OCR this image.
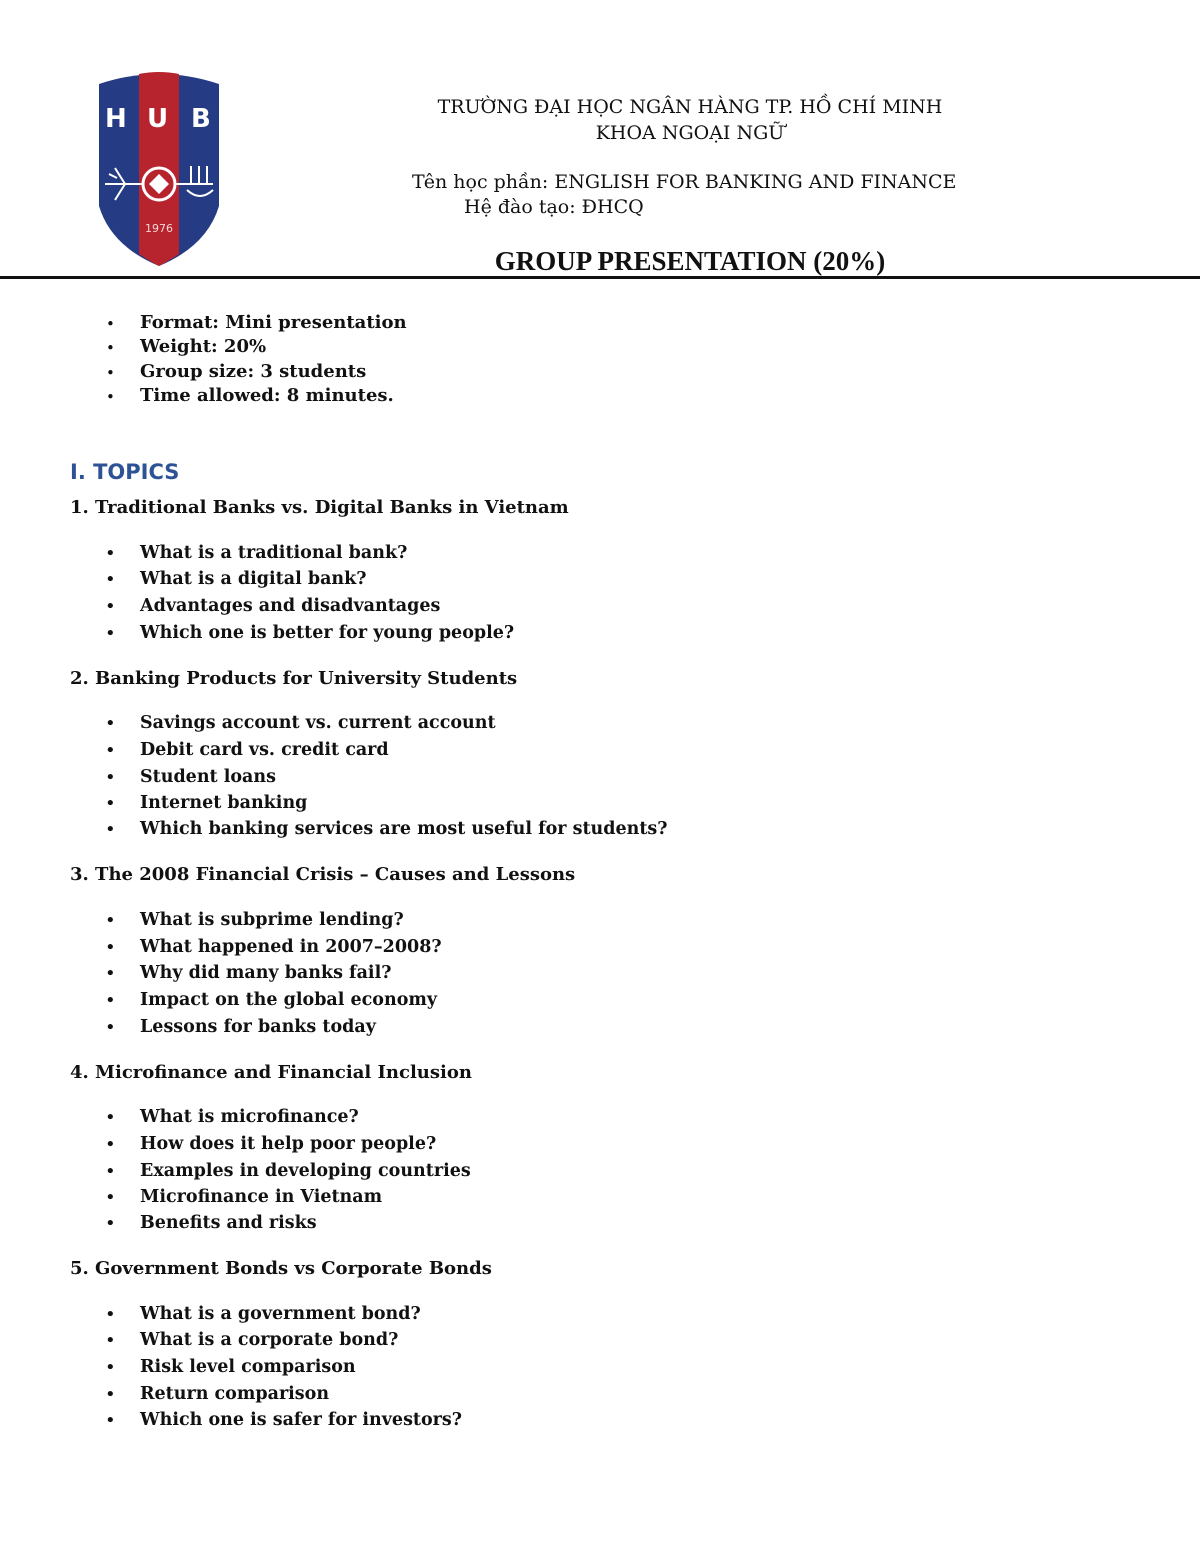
H U B
1976
TRƯỜNG ĐẠI HỌC NGÂN HÀNG TP. HỒ CHÍ MINH
KHOA NGOẠI NGỮ
Tên học phần: ENGLISH FOR BANKING AND FINANCE
Hệ đào tạo: ĐHCQ
GROUP PRESENTATION (20%)
• Format: Mini presentation
• Weight: 20%
• Group size: 3 students
• Time allowed: 8 minutes.
I. TOPICS
1. Traditional Banks vs. Digital Banks in Vietnam
• What is a traditional bank?
• What is a digital bank?
• Advantages and disadvantages
• Which one is better for young people?
2. Banking Products for University Students
• Savings account vs. current account
• Debit card vs. credit card
• Student loans
• Internet banking
• Which banking services are most useful for students?
3. The 2008 Financial Crisis – Causes and Lessons
• What is subprime lending?
• What happened in 2007–2008?
• Why did many banks fail?
• Impact on the global economy
• Lessons for banks today
4. Microfinance and Financial Inclusion
• What is microfinance?
• How does it help poor people?
• Examples in developing countries
• Microfinance in Vietnam
• Benefits and risks
5. Government Bonds vs Corporate Bonds
• What is a government bond?
• What is a corporate bond?
• Risk level comparison
• Return comparison
• Which one is safer for investors?
